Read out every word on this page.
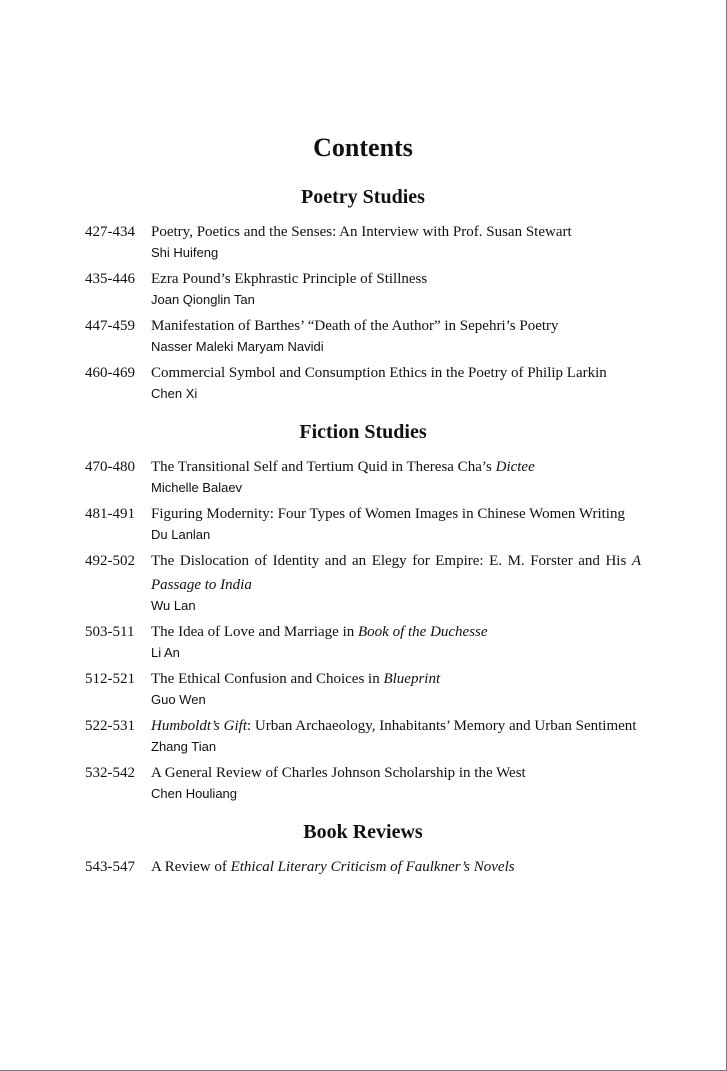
Contents
Poetry Studies
427-434	Poetry, Poetics and the Senses: An Interview with Prof. Susan Stewart
Shi Huifeng
435-446	Ezra Pound’s Ekphrastic Principle of Stillness
Joan Qionglin Tan
447-459	Manifestation of Barthes’ “Death of the Author” in Sepehri’s Poetry
Nasser Maleki Maryam Navidi
460-469	Commercial Symbol and Consumption Ethics in the Poetry of Philip Larkin
Chen Xi
Fiction Studies
470-480	The Transitional Self and Tertium Quid in Theresa Cha’s Dictee
Michelle Balaev
481-491	Figuring Modernity: Four Types of Women Images in Chinese Women Writing
Du Lanlan
492-502	The Dislocation of Identity and an Elegy for Empire: E. M. Forster and His A Passage to India
Wu Lan
503-511	The Idea of Love and Marriage in Book of the Duchesse
Li An
512-521	The Ethical Confusion and Choices in Blueprint
Guo Wen
522-531	Humboldt’s Gift: Urban Archaeology, Inhabitants’ Memory and Urban Sentiment
Zhang Tian
532-542	A General Review of Charles Johnson Scholarship in the West
Chen Houliang
Book Reviews
543-547	A Review of Ethical Literary Criticism of Faulkner’s Novels
